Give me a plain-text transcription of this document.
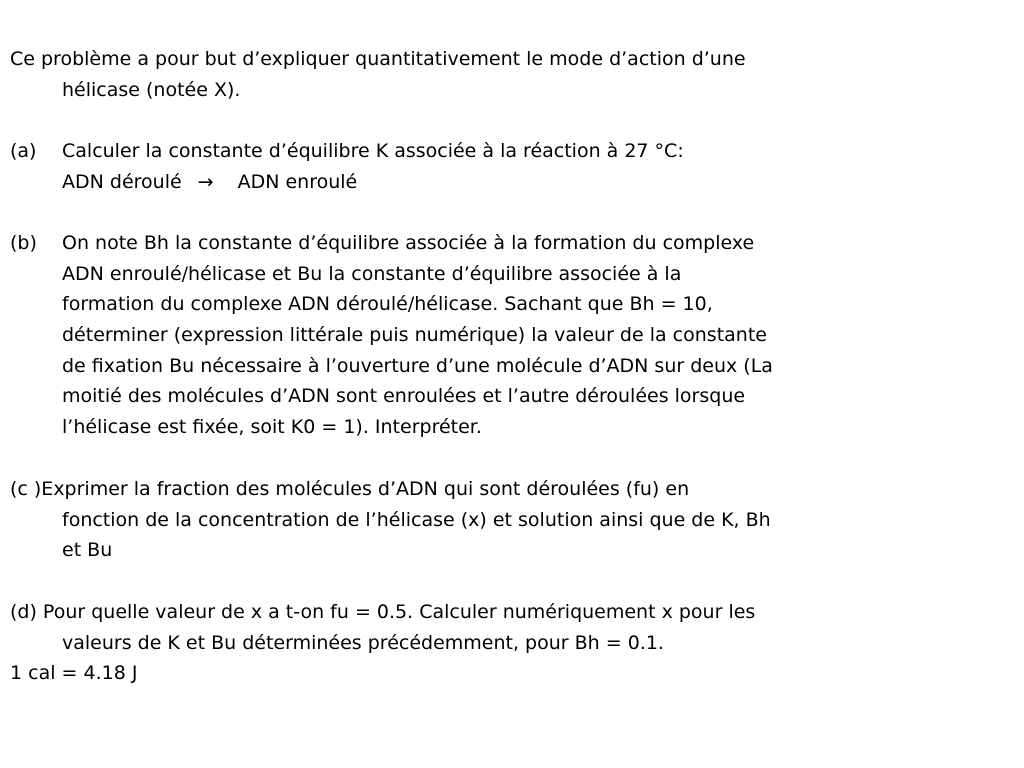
Ce problème a pour but d’expliquer quantitativement le mode d’action d’une
hélicase (notée X).
(a) Calculer la constante d’équilibre K associée à la réaction à 27 °C:
ADN déroulé → ADN enroulé
(b) On note Bh la constante d’équilibre associée à la formation du complexe
ADN enroulé/hélicase et Bu la constante d’équilibre associée à la
formation du complexe ADN déroulé/hélicase. Sachant que Bh = 10,
déterminer (expression littérale puis numérique) la valeur de la constante
de fixation Bu nécessaire à l’ouverture d’une molécule d’ADN sur deux (La
moitié des molécules d’ADN sont enroulées et l’autre déroulées lorsque
l’hélicase est fixée, soit K0 = 1). Interpréter.
(c )Exprimer la fraction des molécules d’ADN qui sont déroulées (fu) en
fonction de la concentration de l’hélicase (x) et solution ainsi que de K, Bh
et Bu
(d) Pour quelle valeur de x a t-on fu = 0.5. Calculer numériquement x pour les
valeurs de K et Bu déterminées précédemment, pour Bh = 0.1.
1 cal = 4.18 J
